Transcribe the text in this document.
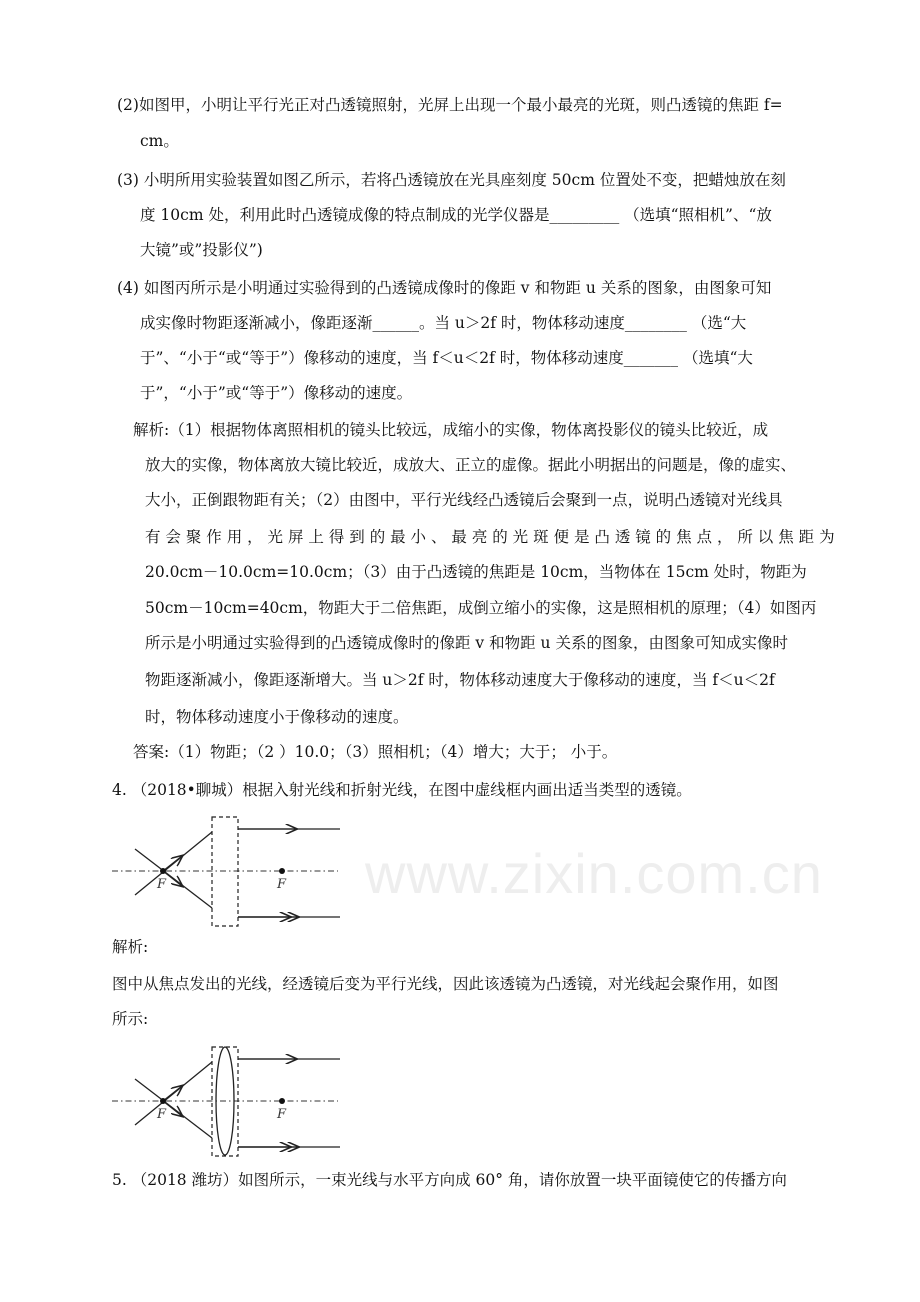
www.zixin.com.cn
(2)如图甲，小明让平行光正对凸透镜照射，光屏上出现一个最小最亮的光斑，则凸透镜的焦距 f=
cm。
(3) 小明所用实验装置如图乙所示，若将凸透镜放在光具座刻度 50cm 位置处不变，把蜡烛放在刻
度 10cm 处，利用此时凸透镜成像的特点制成的光学仪器是_________ （选填“照相机”、“放
大镜”或”投影仪”)
(4) 如图丙所示是小明通过实验得到的凸透镜成像时的像距 v 和物距 u 关系的图象，由图象可知
成实像时物距逐渐减小，像距逐渐______。当 u＞2f 时，物体移动速度________ （选“大
于”、“小于“或“等于”）像移动的速度，当 f＜u＜2f 时，物体移动速度_______ （选填“大
于”，“小于”或“等于”）像移动的速度。
解析:（1）根据物体离照相机的镜头比较远，成缩小的实像，物体离投影仪的镜头比较近，成
放大的实像，物体离放大镜比较近，成放大、正立的虚像。据此小明据出的问题是，像的虚实、
大小，正倒跟物距有关；（2）由图中，平行光线经凸透镜后会聚到一点，说明凸透镜对光线具
有 会 聚 作 用 ， 光 屏 上 得 到 的 最 小 、 最 亮 的 光 斑 便 是 凸 透 镜 的 焦 点 ， 所 以 焦 距 为
20.0cm－10.0cm=10.0cm；（3）由于凸透镜的焦距是 10cm，当物体在 15cm 处时，物距为
50cm－10cm=40cm，物距大于二倍焦距，成倒立缩小的实像，这是照相机的原理；（4）如图丙
所示是小明通过实验得到的凸透镜成像时的像距 v 和物距 u 关系的图象，由图象可知成实像时
物距逐渐减小，像距逐渐增大。当 u＞2f 时，物体移动速度大于像移动的速度，当 f＜u＜2f
时，物体移动速度小于像移动的速度。
答案:（1）物距；（2 ）10.0；（3）照相机；（4）增大；大于； 小于。
4. （2018•聊城）根据入射光线和折射光线，在图中虚线框内画出适当类型的透镜。
F	F
F	F
解析:
图中从焦点发出的光线，经透镜后变为平行光线，因此该透镜为凸透镜，对光线起会聚作用，如图
所示:
5. （2018 潍坊）如图所示，一束光线与水平方向成 60° 角，请你放置一块平面镜使它的传播方向
